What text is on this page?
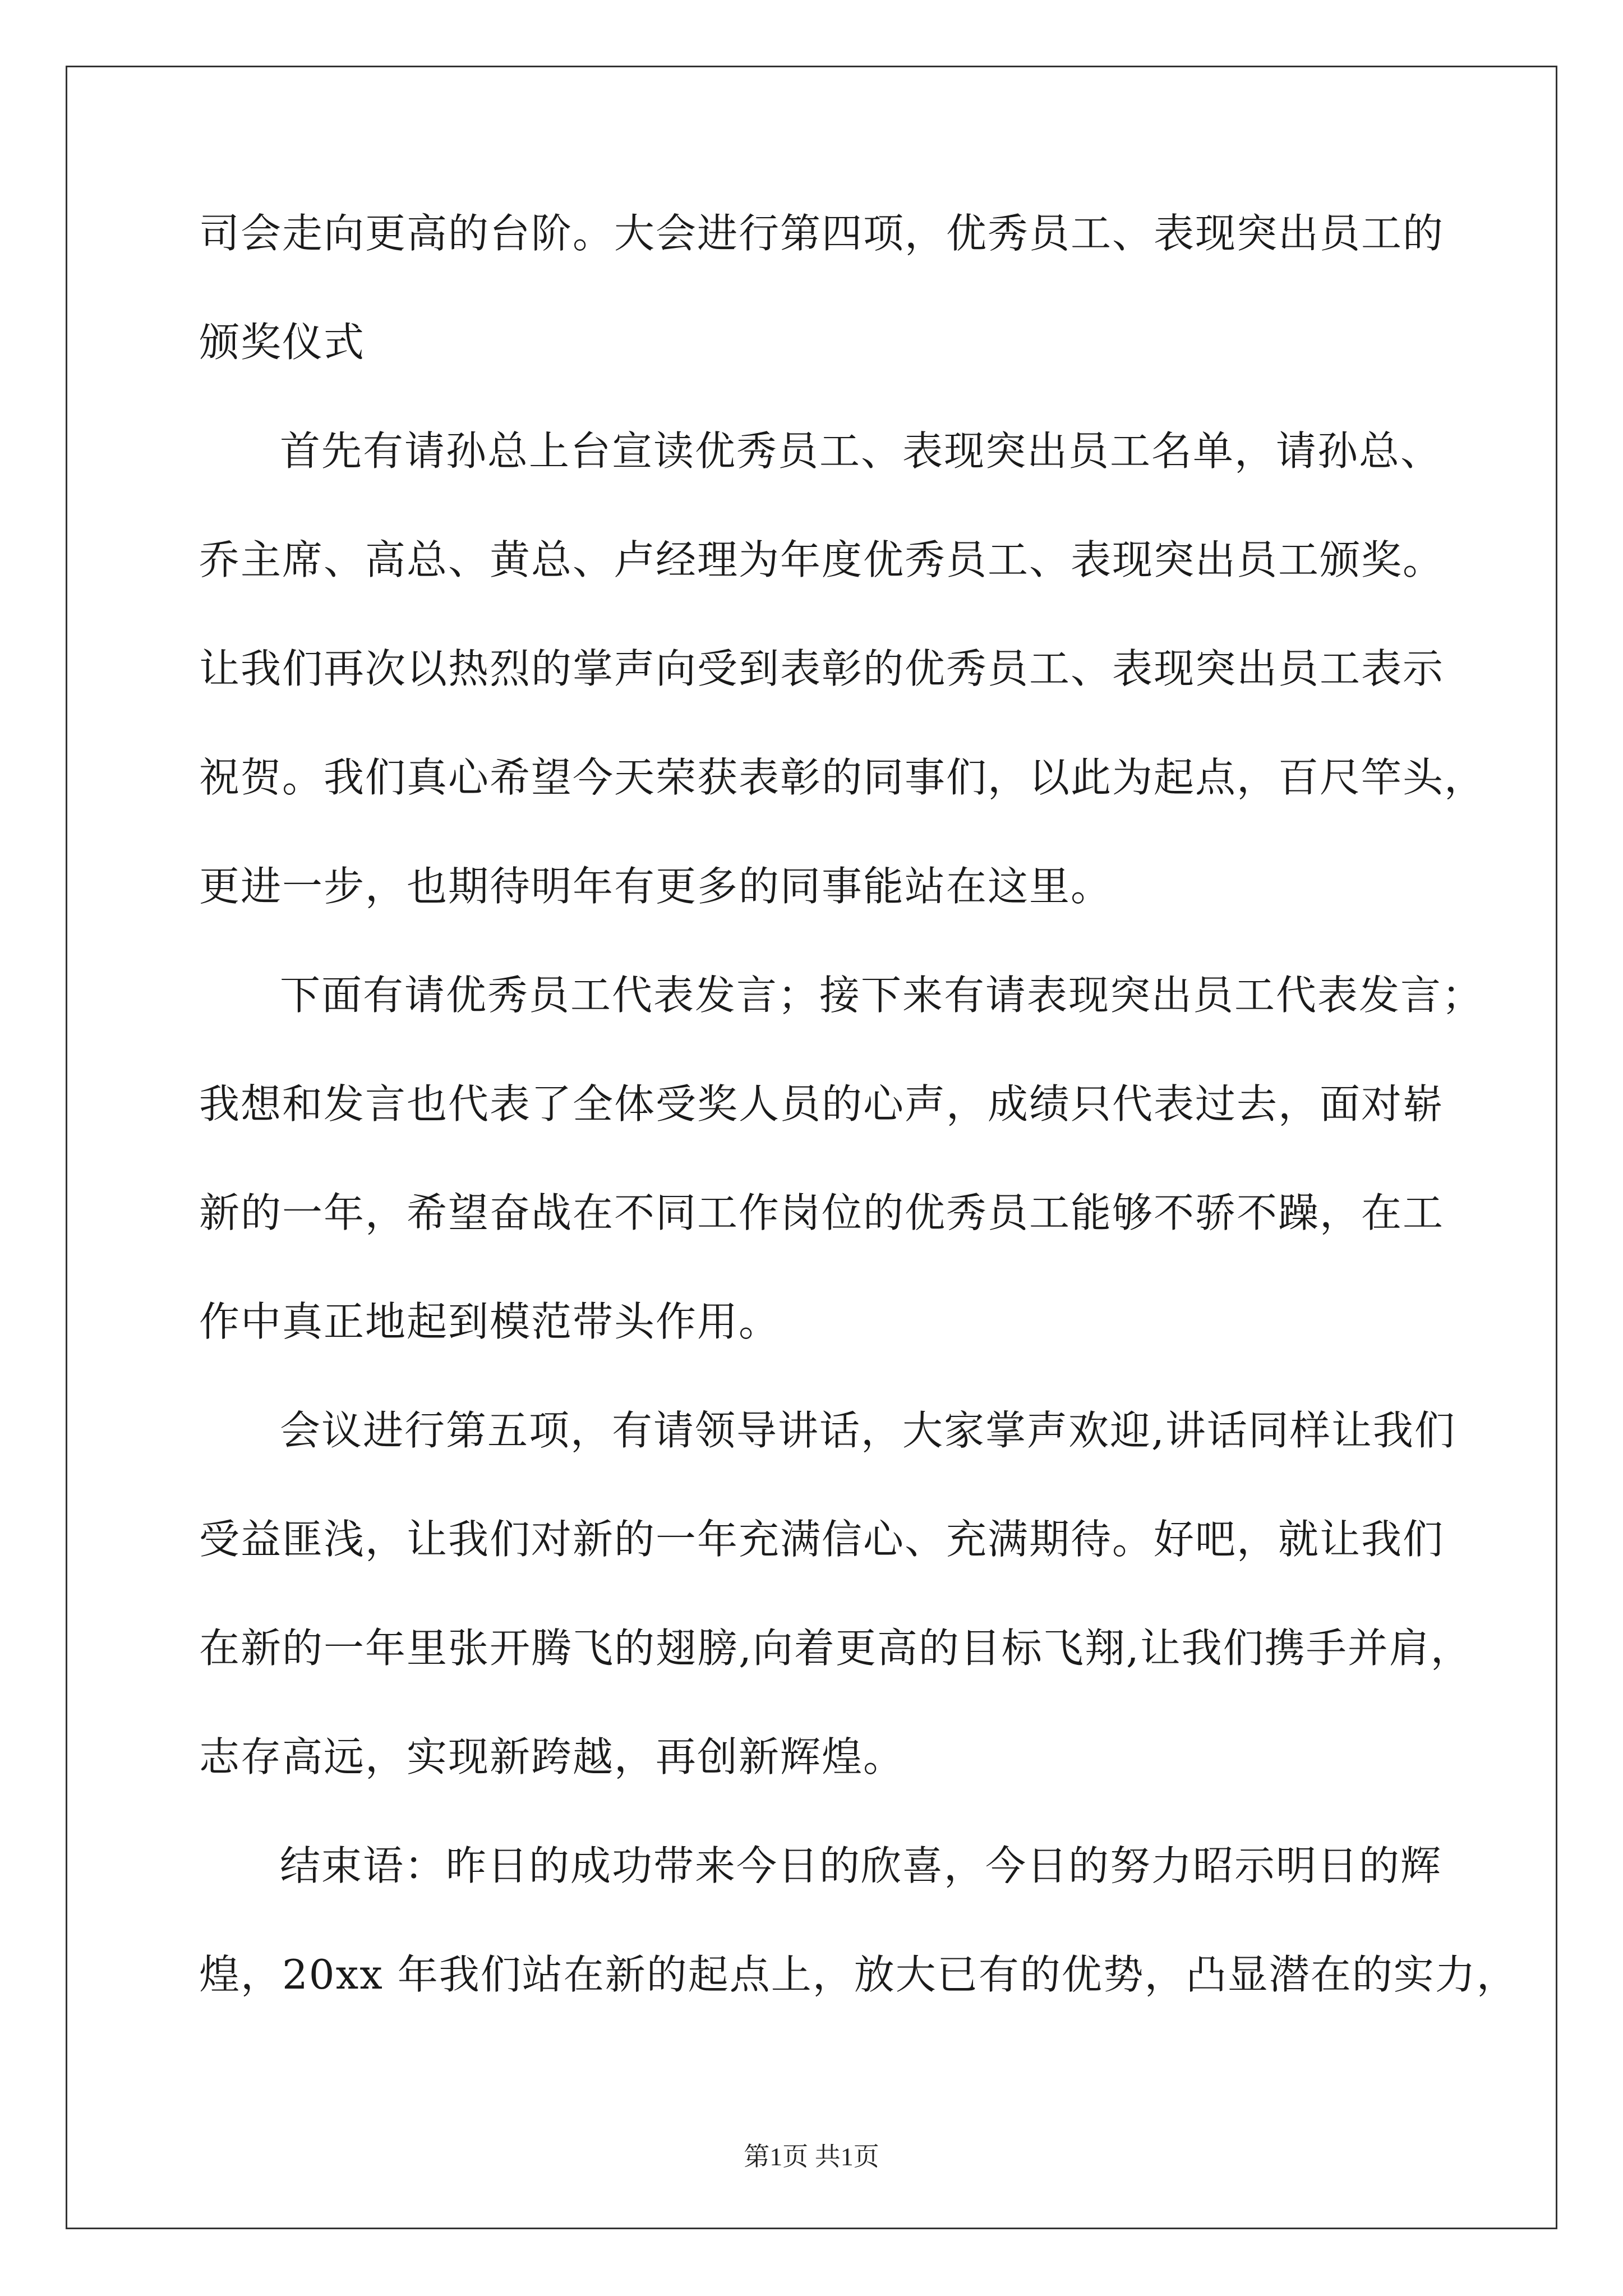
司会走向更高的台阶。大会进行第四项，优秀员工、表现突出员工的
颁奖仪式
首先有请孙总上台宣读优秀员工、表现突出员工名单，请孙总、
乔主席、高总、黄总、卢经理为年度优秀员工、表现突出员工颁奖。
让我们再次以热烈的掌声向受到表彰的优秀员工、表现突出员工表示
祝贺。我们真心希望今天荣获表彰的同事们，以此为起点，百尺竿头，
更进一步，也期待明年有更多的同事能站在这里。
下面有请优秀员工代表发言；接下来有请表现突出员工代表发言；
我想和发言也代表了全体受奖人员的心声，成绩只代表过去，面对崭
新的一年，希望奋战在不同工作岗位的优秀员工能够不骄不躁，在工
作中真正地起到模范带头作用。
会议进行第五项，有请领导讲话，大家掌声欢迎,讲话同样让我们
受益匪浅，让我们对新的一年充满信心、充满期待。好吧，就让我们
在新的一年里张开腾飞的翅膀,向着更高的目标飞翔,让我们携手并肩，
志存高远，实现新跨越，再创新辉煌。
结束语：昨日的成功带来今日的欣喜，今日的努力昭示明日的辉
煌，20xx 年我们站在新的起点上，放大已有的优势，凸显潜在的实力，
第1页 共1页
